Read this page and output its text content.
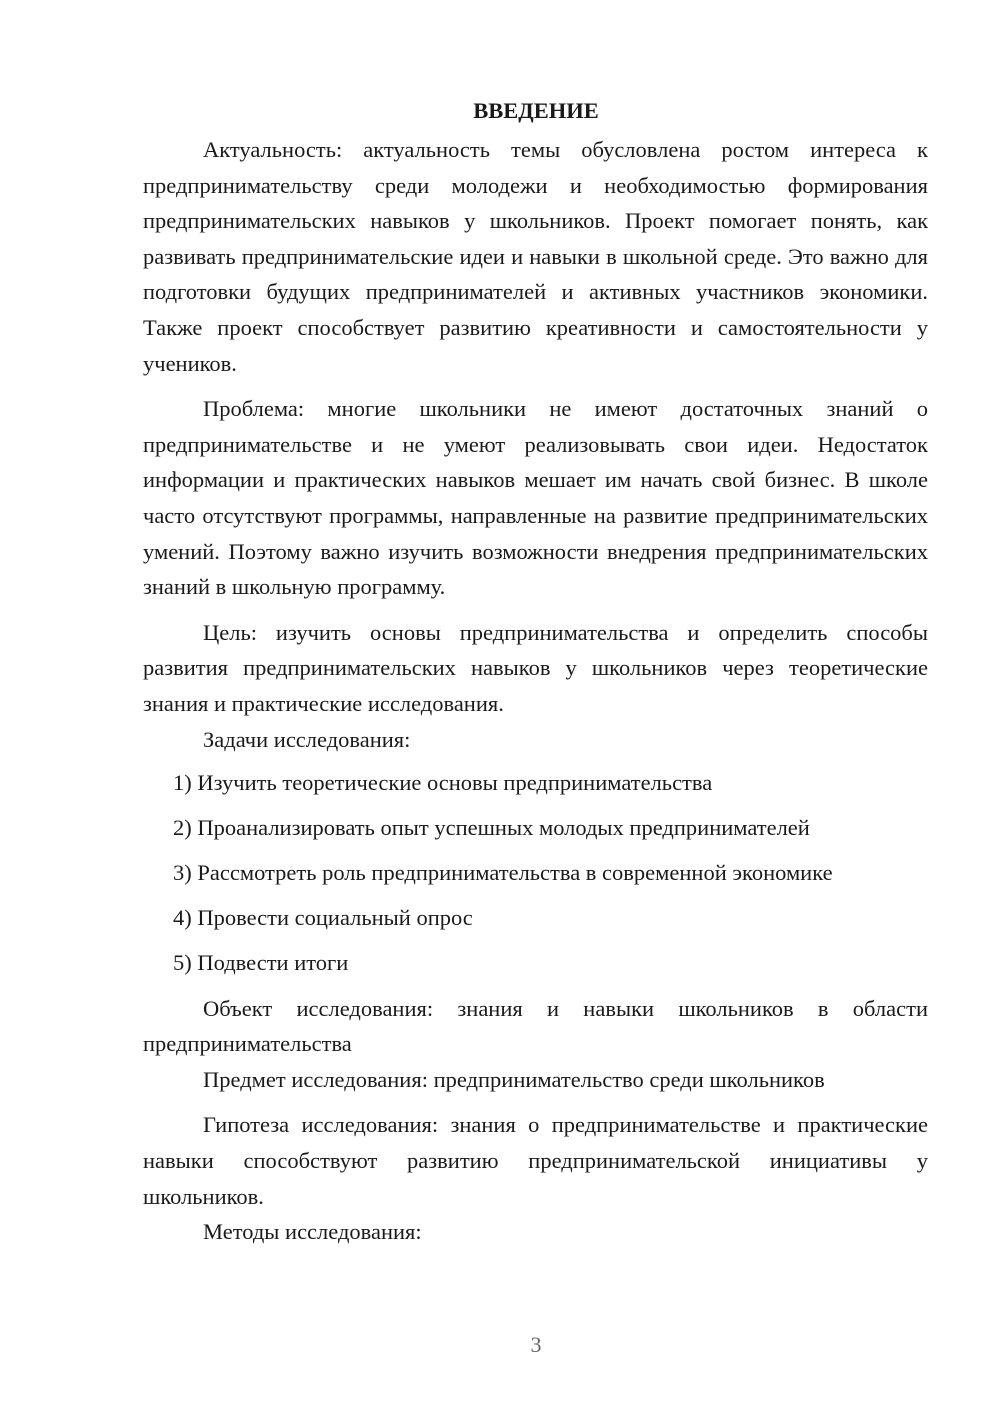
ВВЕДЕНИЕ

Актуальность: актуальность темы обусловлена ростом интереса к предпринимательству среди молодежи и необходимостью формирования предпринимательских навыков у школьников. Проект помогает понять, как развивать предпринимательские идеи и навыки в школьной среде. Это важно для подготовки будущих предпринимателей и активных участников экономики. Также проект способствует развитию креативности и самостоятельности у учеников.

Проблема: многие школьники не имеют достаточных знаний о предпринимательстве и не умеют реализовывать свои идеи. Недостаток информации и практических навыков мешает им начать свой бизнес. В школе часто отсутствуют программы, направленные на развитие предпринимательских умений. Поэтому важно изучить возможности внедрения предпринимательских знаний в школьную программу.

Цель: изучить основы предпринимательства и определить способы развития предпринимательских навыков у школьников через теоретические знания и практические исследования.

Задачи исследования:

1) Изучить теоретические основы предпринимательства
2) Проанализировать опыт успешных молодых предпринимателей
3) Рассмотреть роль предпринимательства в современной экономике
4) Провести социальный опрос
5) Подвести итоги

Объект исследования: знания и навыки школьников в области предпринимательства

Предмет исследования: предпринимательство среди школьников

Гипотеза исследования: знания о предпринимательстве и практические навыки способствуют развитию предпринимательской инициативы у школьников.

Методы исследования:

3
